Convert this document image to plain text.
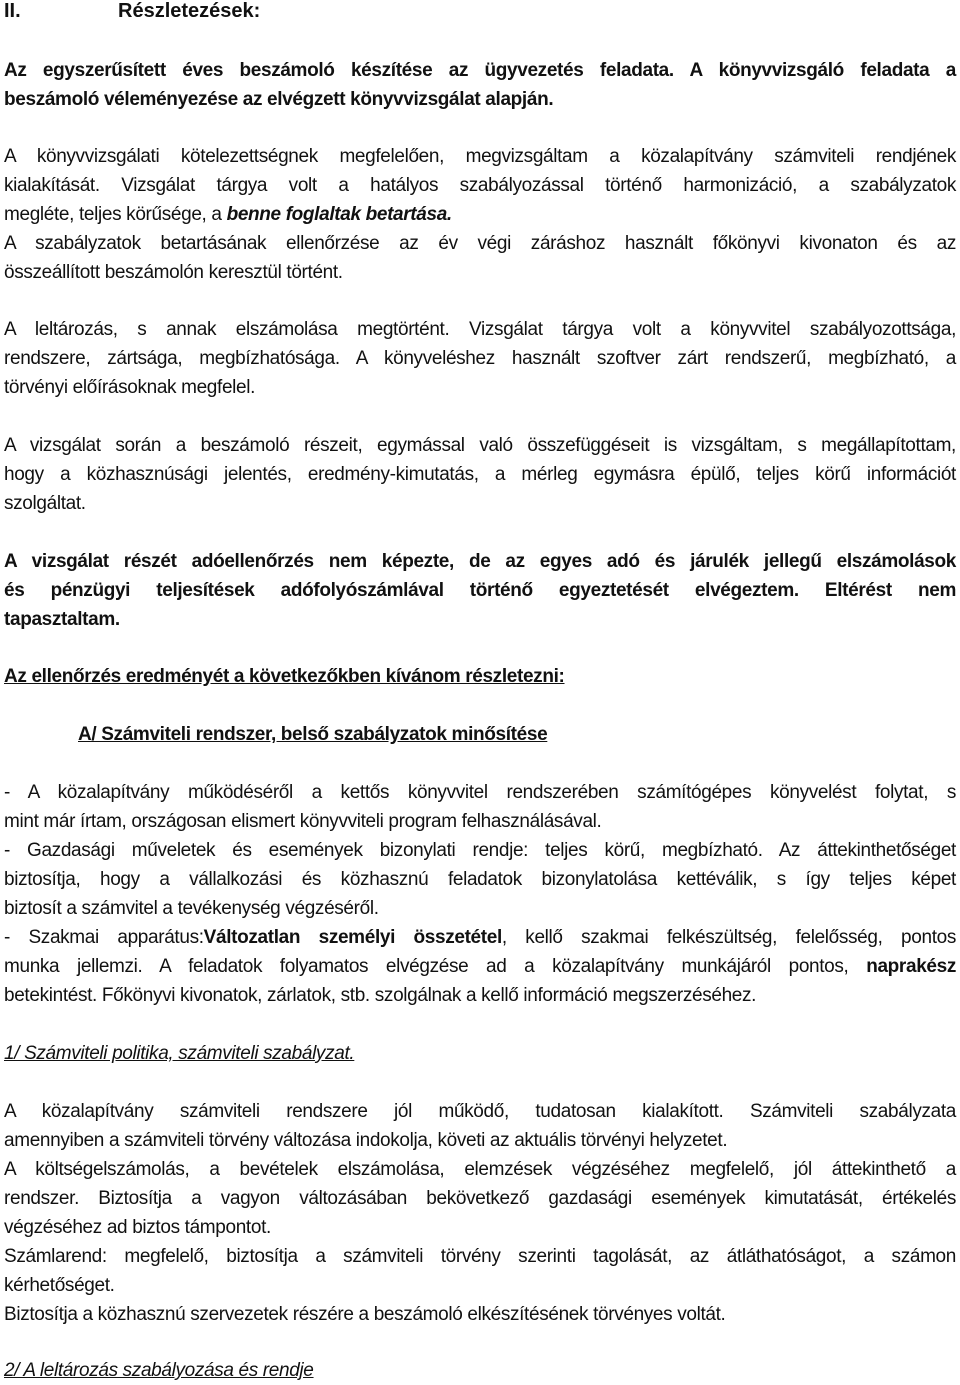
II.	Részletezések:
Az egyszerűsített éves beszámoló készítése az ügyvezetés feladata. A könyvvizsgáló feladata a
beszámoló véleményezése az elvégzett könyvvizsgálat alapján.
A könyvvizsgálati kötelezettségnek megfelelően, megvizsgáltam a közalapítvány számviteli rendjének
kialakítását. Vizsgálat tárgya volt a hatályos szabályozással történő harmonizáció, a szabályzatok
megléte, teljes körűsége, a benne foglaltak betartása.
A szabályzatok betartásának ellenőrzése az év végi záráshoz használt főkönyvi kivonaton és az
összeállított beszámolón keresztül történt.
A leltározás, s annak elszámolása megtörtént. Vizsgálat tárgya volt a könyvvitel szabályozottsága,
rendszere, zártsága, megbízhatósága. A könyveléshez használt szoftver zárt rendszerű, megbízható, a
törvényi előírásoknak megfelel.
A vizsgálat során a beszámoló részeit, egymással való összefüggéseit is vizsgáltam, s megállapítottam,
hogy a közhasznúsági jelentés, eredmény-kimutatás, a mérleg egymásra épülő, teljes körű információt
szolgáltat.
A vizsgálat részét adóellenőrzés nem képezte, de az egyes adó és járulék jellegű elszámolások
és pénzügyi teljesítések adófolyószámlával történő egyeztetését elvégeztem. Eltérést nem
tapasztaltam.
Az ellenőrzés eredményét a következőkben kívánom részletezni:
A/ Számviteli rendszer, belső szabályzatok minősítése
- A közalapítvány működéséről a kettős könyvvitel rendszerében számítógépes könyvelést folytat, s
mint már írtam, országosan elismert könyvviteli program felhasználásával.
- Gazdasági műveletek és események bizonylati rendje: teljes körű, megbízható. Az áttekinthetőséget
biztosítja, hogy a vállalkozási és közhasznú feladatok bizonylatolása kettéválik, s így teljes képet
biztosít a számvitel a tevékenység végzéséről.
- Szakmai apparátus:Változatlan személyi összetétel, kellő szakmai felkészültség, felelősség, pontos
munka jellemzi. A feladatok folyamatos elvégzése ad a közalapítvány munkájáról pontos, naprakész
betekintést. Főkönyvi kivonatok, zárlatok, stb. szolgálnak a kellő információ megszerzéséhez.
1/ Számviteli politika, számviteli szabályzat.
A közalapítvány számviteli rendszere jól működő, tudatosan kialakított. Számviteli szabályzata
amennyiben a számviteli törvény változása indokolja, követi az aktuális törvényi helyzetet.
A költségelszámolás, a bevételek elszámolása, elemzések végzéséhez megfelelő, jól áttekinthető a
rendszer. Biztosítja a vagyon változásában bekövetkező gazdasági események kimutatását, értékelés
végzéséhez ad biztos támpontot.
Számlarend: megfelelő, biztosítja a számviteli törvény szerinti tagolását, az átláthatóságot, a számon
kérhetőséget.
Biztosítja a közhasznú szervezetek részére a beszámoló elkészítésének törvényes voltát.
2/ A leltározás szabályozása és rendje
